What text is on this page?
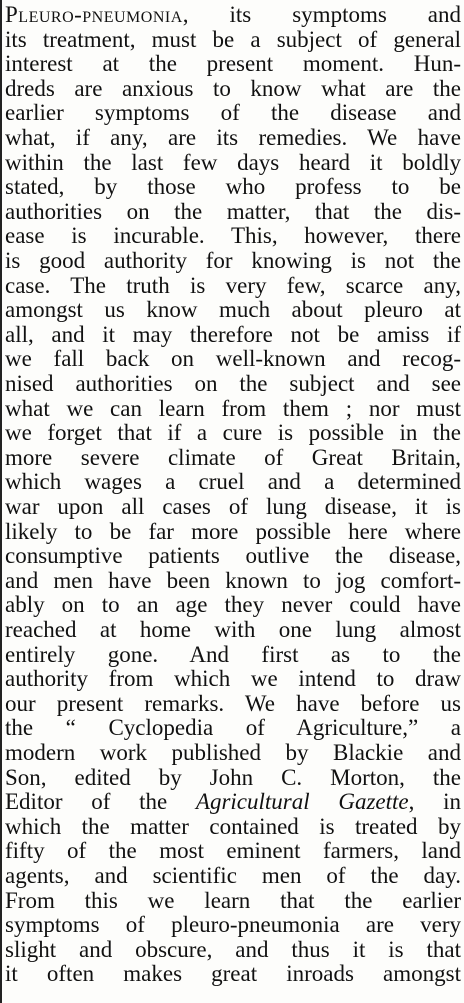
Pleuro-pneumonia, its symptoms and
its treatment, must be a subject of general
interest at the present moment. Hun-
dreds are anxious to know what are the
earlier symptoms of the disease and
what, if any, are its remedies. We have
within the last few days heard it boldly
stated, by those who profess to be
authorities on the matter, that the dis-
ease is incurable. This, however, there
is good authority for knowing is not the
case. The truth is very few, scarce any,
amongst us know much about pleuro at
all, and it may therefore not be amiss if
we fall back on well-known and recog-
nised authorities on the subject and see
what we can learn from them ; nor must
we forget that if a cure is possible in the
more severe climate of Great Britain,
which wages a cruel and a determined
war upon all cases of lung disease, it is
likely to be far more possible here where
consumptive patients outlive the disease,
and men have been known to jog comfort-
ably on to an age they never could have
reached at home with one lung almost
entirely gone. And first as to the
authority from which we intend to draw
our present remarks. We have before us
the “ Cyclopedia of Agriculture,” a
modern work published by Blackie and
Son, edited by John C. Morton, the
Editor of the Agricultural Gazette, in
which the matter contained is treated by
fifty of the most eminent farmers, land
agents, and scientific men of the day.
From this we learn that the earlier
symptoms of pleuro-pneumonia are very
slight and obscure, and thus it is that
it often makes great inroads amongst
